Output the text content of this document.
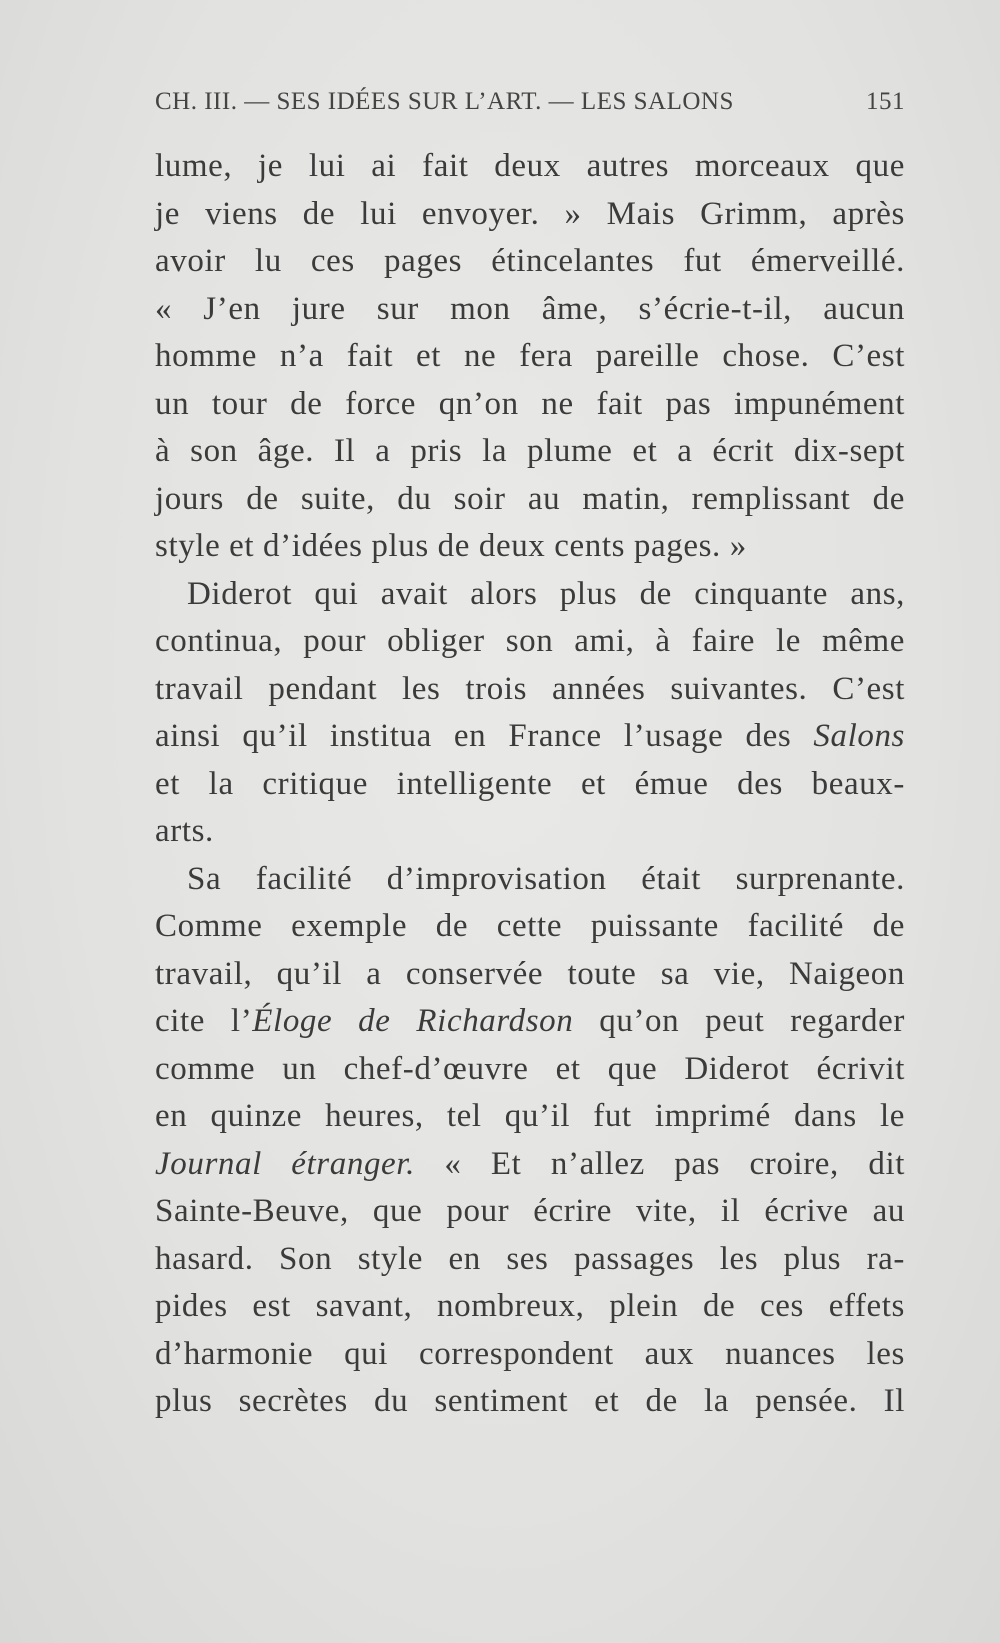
CH. III. — SES IDÉES SUR L’ART. — LES SALONS	151
lume, je lui ai fait deux autres morceaux que
je viens de lui envoyer. » Mais Grimm, après
avoir lu ces pages étincelantes fut émerveillé.
« J’en jure sur mon âme, s’écrie-t-il, aucun
homme n’a fait et ne fera pareille chose. C’est
un tour de force qn’on ne fait pas impunément
à son âge. Il a pris la plume et a écrit dix-sept
jours de suite, du soir au matin, remplissant de
style et d’idées plus de deux cents pages. »
Diderot qui avait alors plus de cinquante ans,
continua, pour obliger son ami, à faire le même
travail pendant les trois années suivantes. C’est
ainsi qu’il institua en France l’usage des Salons
et la critique intelligente et émue des beaux-
arts.
Sa facilité d’improvisation était surprenante.
Comme exemple de cette puissante facilité de
travail, qu’il a conservée toute sa vie, Naigeon
cite l’Éloge de Richardson qu’on peut regarder
comme un chef-d’œuvre et que Diderot écrivit
en quinze heures, tel qu’il fut imprimé dans le
Journal étranger. « Et n’allez pas croire, dit
Sainte-Beuve, que pour écrire vite, il écrive au
hasard. Son style en ses passages les plus ra-
pides est savant, nombreux, plein de ces effets
d’harmonie qui correspondent aux nuances les
plus secrètes du sentiment et de la pensée. Il
